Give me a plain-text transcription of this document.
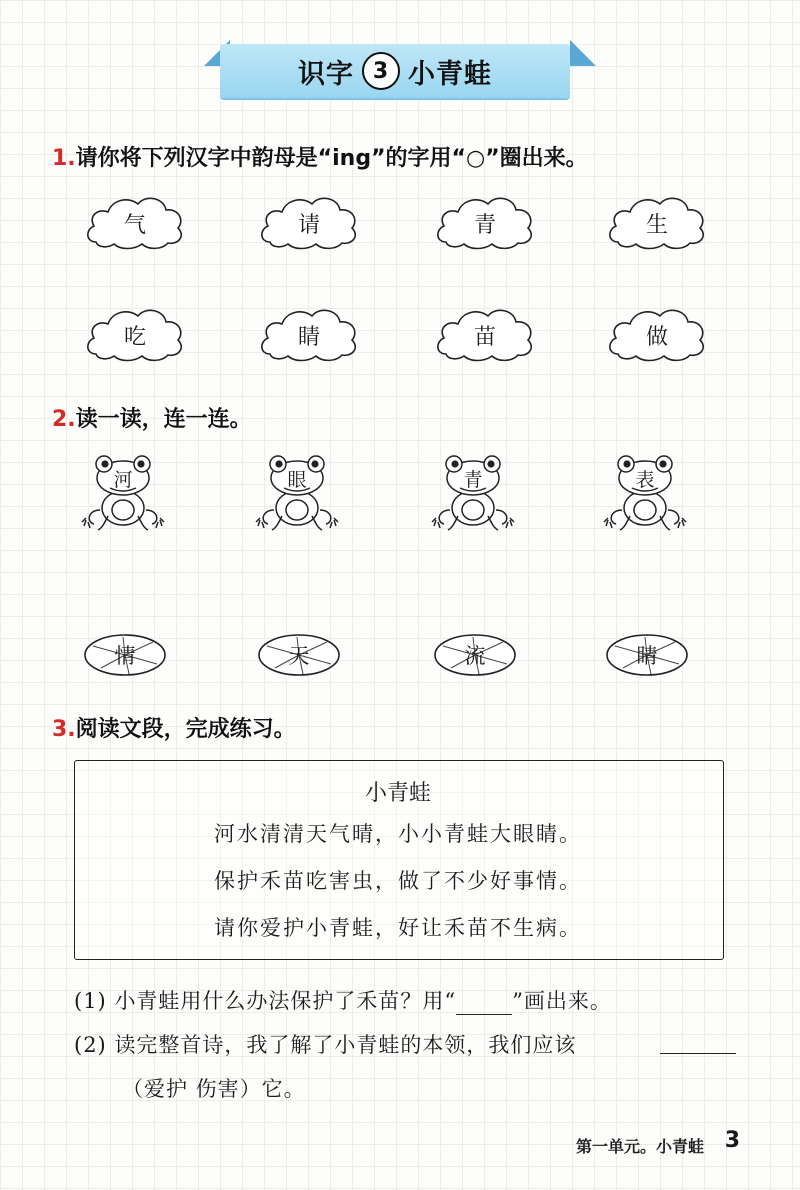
识字 3 小青蛙
1.请你将下列汉字中韵母是“ing”的字用“○”圈出来。
气	请	青	生
吃	睛	苗	做
2.读一读，连一连。
河	眼	青	表
情	天	流	睛
3.阅读文段，完成练习。
小青蛙
河水清清天气晴，小小青蛙大眼睛。
保护禾苗吃害虫，做了不少好事情。
请你爱护小青蛙，好让禾苗不生病。
(1) 小青蛙用什么办法保护了禾苗？用“	”画出来。
(2) 读完整首诗，我了解了小青蛙的本领，我们应该
（爱护 伤害）它。
第一单元。小青蛙 3
